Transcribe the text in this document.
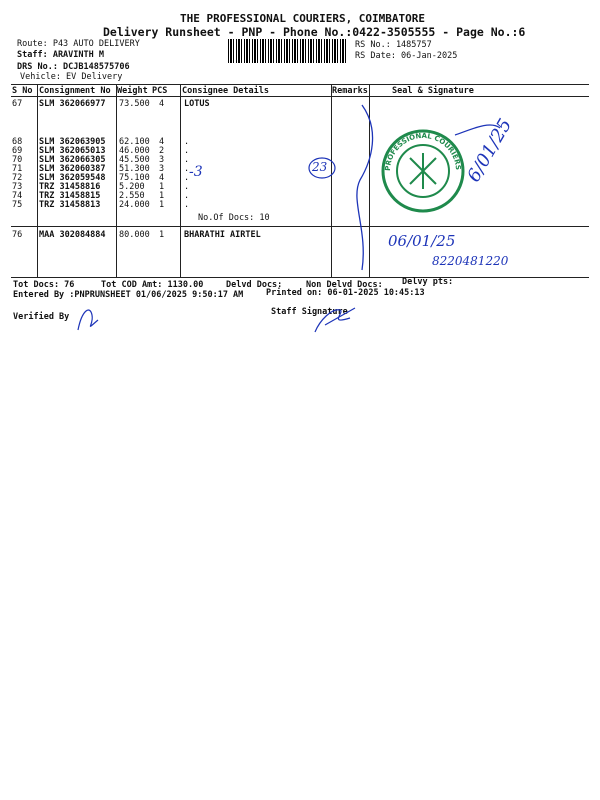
THE PROFESSIONAL COURIERS, COIMBATORE
Delivery Runsheet - PNP - Phone No.:0422-3505555 - Page No.:6
Route: P43 AUTO DELIVERY
Staff: ARAVINTH M
DRS No.: DCJB148575706
Vehicle: EV Delivery
RS No.: 1485757
RS Date: 06-Jan-2025
S No Consignment No Weight PCS Consignee Details	Remarks	Seal & Signature
67 SLM 362066977 73.500 4 LOTUS
68 SLM 362063905 62.100 4 .
69 SLM 362065013 46.000 2 .
70 SLM 362066305 45.500 3 .
71 SLM 362060387 51.300 3 .
72 SLM 362059548 75.100 4 .
73 TRZ 31458816 5.200 1 .
74 TRZ 31458815 2.550 1 .
75 TRZ 31458813 24.000 1 .
No.Of Docs: 10
76 MAA 302084884 80.000 1 BHARATHI AIRTEL
23
-3	PROFESSIONAL COURIERS 6/01/25
06/01/25
8220481220
Tot Docs: 76	Tot COD Amt: 1130.00	Delvd Docs:	Non Delvd Docs: Delvy pts:
Entered By :PNPRUNSHEET 01/06/2025 9:50:17 AM	Printed on: 06-01-2025 10:45:13
Verified By	Staff Signature
